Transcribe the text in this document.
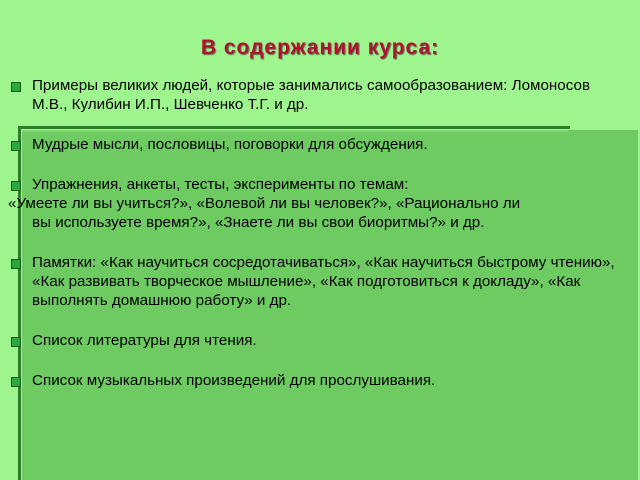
В содержании курса:
Примеры великих людей, которые занимались самообразованием: Ломоносов М.В., Кулибин И.П., Шевченко Т.Г. и др.
Мудрые мысли, пословицы, поговорки для обсуждения.
Упражнения, анкеты, тесты, эксперименты по темам:
«Умеете ли вы учиться?», «Волевой ли вы человек?», «Рационально ли
вы используете время?», «Знаете ли вы свои биоритмы?» и др.
Памятки: «Как научиться сосредотачиваться», «Как научиться быстрому чтению», «Как развивать творческое мышление», «Как подготовиться к докладу», «Как выполнять домашнюю работу» и др.
Список литературы для чтения.
Список музыкальных произведений для прослушивания.
